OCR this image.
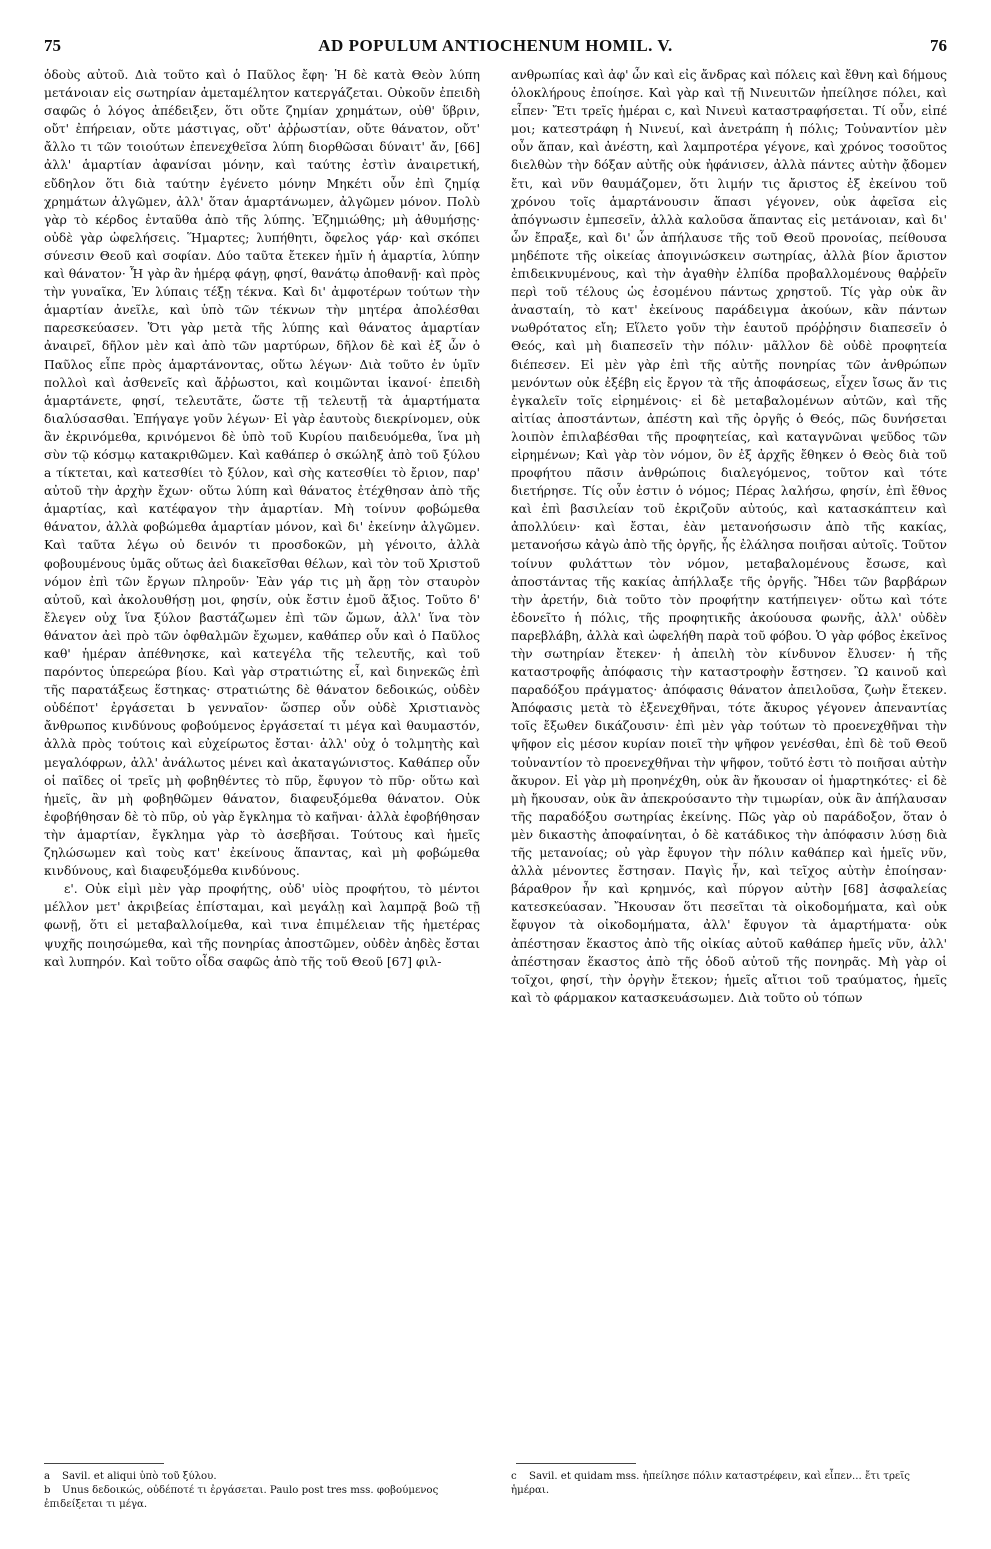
75	AD POPULUM ANTIOCHENUM HOMIL. V.	76

ὁδοὺς αὐτοῦ. Διὰ τοῦτο καὶ ὁ Παῦλος ἔφη· Ἡ δὲ κατὰ Θεὸν λύπη μετάνοιαν εἰς σωτηρίαν ἀμεταμέλητον κατεργάζεται. Οὐκοῦν ἐπειδὴ σαφῶς ὁ λόγος ἀπέδειξεν, ὅτι οὔτε ζημίαν χρημάτων, οὐθ' ὕβριν, οὔτ' ἐπήρειαν, οὔτε μάστιγας, οὔτ' ἀῤῥωστίαν, οὔτε θάνατον, οὔτ' ἄλλο τι τῶν τοιούτων ἐπενεχθεῖσα λύπη διορθῶσαι δύναιτ' ἄν, [66] ἀλλ' ἁμαρτίαν ἀφανίσαι μόνην, καὶ ταύτης ἐστὶν ἀναιρετική, εὔδηλον ὅτι διὰ ταύτην ἐγένετο μόνην Μηκέτι οὖν ἐπὶ ζημίᾳ χρημάτων ἀλγῶμεν, ἀλλ' ὅταν ἁμαρτάνωμεν, ἀλγῶμεν μόνον. Πολὺ γὰρ τὸ κέρδος ἐνταῦθα ἀπὸ τῆς λύπης. Ἐζημιώθης; μὴ ἀθυμήσῃς· οὐδὲ γὰρ ὠφελήσεις. Ἥμαρτες; λυπήθητι, ὄφελος γάρ· καὶ σκόπει σύνεσιν Θεοῦ καὶ σοφίαν. Δύο ταῦτα ἔτεκεν ἡμῖν ἡ ἁμαρτία, λύπην καὶ θάνατον· Ἧ γὰρ ἂν ἡμέρᾳ φάγῃ, φησί, θανάτῳ ἀποθανῇ· καὶ πρὸς τὴν γυναῖκα, Ἐν λύπαις τέξῃ τέκνα. Καὶ δι' ἀμφοτέρων τούτων τὴν ἁμαρτίαν ἀνεῖλε, καὶ ὑπὸ τῶν τέκνων τὴν μητέρα ἀπολέσθαι παρεσκεύασεν. Ὅτι γὰρ μετὰ τῆς λύπης καὶ θάνατος ἁμαρτίαν ἀναιρεῖ, δῆλον μὲν καὶ ἀπὸ τῶν μαρτύρων, δῆλον δὲ καὶ ἐξ ὧν ὁ Παῦλος εἶπε πρὸς ἁμαρτάνοντας, οὕτω λέγων· Διὰ τοῦτο ἐν ὑμῖν πολλοὶ καὶ ἀσθενεῖς καὶ ἄῤῥωστοι, καὶ κοιμῶνται ἱκανοί· ἐπειδὴ ἁμαρτάνετε, φησί, τελευτᾶτε, ὥστε τῇ τελευτῇ τὰ ἁμαρτήματα διαλύσασθαι. Ἐπήγαγε γοῦν λέγων· Εἰ γὰρ ἑαυτοὺς διεκρίνομεν, οὐκ ἂν ἐκρινόμεθα, κρινόμενοι δὲ ὑπὸ τοῦ Κυρίου παιδευόμεθα, ἵνα μὴ σὺν τῷ κόσμῳ κατακριθῶμεν. Καὶ καθάπερ ὁ σκώληξ ἀπὸ τοῦ ξύλου a τίκτεται, καὶ κατεσθίει τὸ ξύλον, καὶ σὴς κατεσθίει τὸ ἔριον, παρ' αὐτοῦ τὴν ἀρχὴν ἔχων· οὕτω λύπη καὶ θάνατος ἐτέχθησαν ἀπὸ τῆς ἁμαρτίας, καὶ κατέφαγον τὴν ἁμαρτίαν. Μὴ τοίνυν φοβώμεθα θάνατον, ἀλλὰ φοβώμεθα ἁμαρτίαν μόνον, καὶ δι' ἐκείνην ἀλγῶμεν. Καὶ ταῦτα λέγω οὐ δεινόν τι προσδοκῶν, μὴ γένοιτο, ἀλλὰ φοβουμένους ὑμᾶς οὕτως ἀεὶ διακεῖσθαι θέλων, καὶ τὸν τοῦ Χριστοῦ νόμον ἐπὶ τῶν ἔργων πληροῦν· Ἐὰν γάρ τις μὴ ἄρῃ τὸν σταυρὸν αὐτοῦ, καὶ ἀκολουθήσῃ μοι, φησίν, οὐκ ἔστιν ἐμοῦ ἄξιος. Τοῦτο δ' ἔλεγεν οὐχ ἵνα ξύλον βαστάζωμεν ἐπὶ τῶν ὤμων, ἀλλ' ἵνα τὸν θάνατον ἀεὶ πρὸ τῶν ὀφθαλμῶν ἔχωμεν, καθάπερ οὖν καὶ ὁ Παῦλος καθ' ἡμέραν ἀπέθνησκε, καὶ κατεγέλα τῆς τελευτῆς, καὶ τοῦ παρόντος ὑπερεώρα βίου. Καὶ γὰρ στρατιώτης εἶ, καὶ διηνεκῶς ἐπὶ τῆς παρατάξεως ἕστηκας· στρατιώτης δὲ θάνατον δεδοικώς, οὐδὲν οὐδέποτ' ἐργάσεται b γενναῖον· ὥσπερ οὖν οὐδὲ Χριστιανὸς ἄνθρωπος κινδύνους φοβούμενος ἐργάσεταί τι μέγα καὶ θαυμαστόν, ἀλλὰ πρὸς τούτοις καὶ εὐχείρωτος ἔσται· ἀλλ' οὐχ ὁ τολμητὴς καὶ μεγαλόφρων, ἀλλ' ἀνάλωτος μένει καὶ ἀκαταγώνιστος. Καθάπερ οὖν οἱ παῖδες οἱ τρεῖς μὴ φοβηθέντες τὸ πῦρ, ἔφυγον τὸ πῦρ· οὕτω καὶ ἡμεῖς, ἂν μὴ φοβηθῶμεν θάνατον, διαφευξόμεθα θάνατον. Οὐκ ἐφοβήθησαν δὲ τὸ πῦρ, οὐ γὰρ ἔγκλημα τὸ καῆναι· ἀλλὰ ἐφοβήθησαν τὴν ἁμαρτίαν, ἔγκλημα γὰρ τὸ ἀσεβῆσαι. Τούτους καὶ ἡμεῖς ζηλώσωμεν καὶ τοὺς κατ' ἐκείνους ἅπαντας, καὶ μὴ φοβώμεθα κινδύνους, καὶ διαφευξόμεθα κινδύνους.

ε'. Οὐκ εἰμὶ μὲν γὰρ προφήτης, οὐδ' υἱὸς προφήτου, τὸ μέντοι μέλλον μετ' ἀκριβείας ἐπίσταμαι, καὶ μεγάλῃ καὶ λαμπρᾷ βοῶ τῇ φωνῇ, ὅτι εἰ μεταβαλλοίμεθα, καὶ τινα ἐπιμέλειαν τῆς ἡμετέρας ψυχῆς ποιησώμεθα, καὶ τῆς πονηρίας ἀποστῶμεν, οὐδὲν ἀηδὲς ἔσται καὶ λυπηρόν. Καὶ τοῦτο οἶδα σαφῶς ἀπὸ τῆς τοῦ Θεοῦ [67] φιλ-

ανθρωπίας καὶ ἀφ' ὧν καὶ εἰς ἄνδρας καὶ πόλεις καὶ ἔθνη καὶ δήμους ὁλοκλήρους ἐποίησε. Καὶ γὰρ καὶ τῇ Νινευιτῶν ἠπείλησε πόλει, καὶ εἶπεν· Ἔτι τρεῖς ἡμέραι c, καὶ Νινευὶ καταστραφήσεται. Τί οὖν, εἰπέ μοι; κατεστράφη ἡ Νινευί, καὶ ἀνετράπη ἡ πόλις; Τοὐναντίον μὲν οὖν ἅπαν, καὶ ἀνέστη, καὶ λαμπροτέρα γέγονε, καὶ χρόνος τοσοῦτος διελθὼν τὴν δόξαν αὐτῆς οὐκ ἠφάνισεν, ἀλλὰ πάντες αὐτὴν ᾄδομεν ἔτι, καὶ νῦν θαυμάζομεν, ὅτι λιμήν τις ἄριστος ἐξ ἐκείνου τοῦ χρόνου τοῖς ἁμαρτάνουσιν ἅπασι γέγονεν, οὐκ ἀφεῖσα εἰς ἀπόγνωσιν ἐμπεσεῖν, ἀλλὰ καλοῦσα ἅπαντας εἰς μετάνοιαν, καὶ δι' ὧν ἔπραξε, καὶ δι' ὧν ἀπήλαυσε τῆς τοῦ Θεοῦ προνοίας, πείθουσα μηδέποτε τῆς οἰκείας ἀπογινώσκειν σωτηρίας, ἀλλὰ βίον ἄριστον ἐπιδεικνυμένους, καὶ τὴν ἀγαθὴν ἐλπίδα προβαλλομένους θαῤῥεῖν περὶ τοῦ τέλους ὡς ἐσομένου πάντως χρηστοῦ. Τίς γὰρ οὐκ ἂν ἀνασταίη, τὸ κατ' ἐκείνους παράδειγμα ἀκούων, κἂν πάντων νωθρότατος εἴη; Εἵλετο γοῦν τὴν ἑαυτοῦ πρόῤῥησιν διαπεσεῖν ὁ Θεός, καὶ μὴ διαπεσεῖν τὴν πόλιν· μᾶλλον δὲ οὐδὲ προφητεία διέπεσεν. Εἰ μὲν γὰρ ἐπὶ τῆς αὐτῆς πονηρίας τῶν ἀνθρώπων μενόντων οὐκ ἐξέβη εἰς ἔργον τὰ τῆς ἀποφάσεως, εἶχεν ἴσως ἄν τις ἐγκαλεῖν τοῖς εἰρημένοις· εἰ δὲ μεταβαλομένων αὐτῶν, καὶ τῆς αἰτίας ἀποστάντων, ἀπέστη καὶ τῆς ὀργῆς ὁ Θεός, πῶς δυνήσεται λοιπὸν ἐπιλαβέσθαι τῆς προφητείας, καὶ καταγνῶναι ψεῦδος τῶν εἰρημένων; Καὶ γὰρ τὸν νόμον, ὃν ἐξ ἀρχῆς ἔθηκεν ὁ Θεὸς διὰ τοῦ προφήτου πᾶσιν ἀνθρώποις διαλεγόμενος, τοῦτον καὶ τότε διετήρησε. Τίς οὖν ἐστιν ὁ νόμος; Πέρας λαλήσω, φησίν, ἐπὶ ἔθνος καὶ ἐπὶ βασιλείαν τοῦ ἐκριζοῦν αὐτούς, καὶ κατασκάπτειν καὶ ἀπολλύειν· καὶ ἔσται, ἐὰν μετανοήσωσιν ἀπὸ τῆς κακίας, μετανοήσω κἀγὼ ἀπὸ τῆς ὀργῆς, ἧς ἐλάλησα ποιῆσαι αὐτοῖς. Τοῦτον τοίνυν φυλάττων τὸν νόμον, μεταβαλομένους ἔσωσε, καὶ ἀποστάντας τῆς κακίας ἀπήλλαξε τῆς ὀργῆς. Ἤδει τῶν βαρβάρων τὴν ἀρετήν, διὰ τοῦτο τὸν προφήτην κατήπειγεν· οὕτω καὶ τότε ἐδονεῖτο ἡ πόλις, τῆς προφητικῆς ἀκούουσα φωνῆς, ἀλλ' οὐδὲν παρεβλάβη, ἀλλὰ καὶ ὠφελήθη παρὰ τοῦ φόβου. Ὁ γὰρ φόβος ἐκεῖνος τὴν σωτηρίαν ἔτεκεν· ἡ ἀπειλὴ τὸν κίνδυνον ἔλυσεν· ἡ τῆς καταστροφῆς ἀπόφασις τὴν καταστροφὴν ἔστησεν. Ὢ καινοῦ καὶ παραδόξου πράγματος· ἀπόφασις θάνατον ἀπειλοῦσα, ζωὴν ἔτεκεν. Ἀπόφασις μετὰ τὸ ἐξενεχθῆναι, τότε ἄκυρος γέγονεν ἀπεναντίας τοῖς ἔξωθεν δικάζουσιν· ἐπὶ μὲν γὰρ τούτων τὸ προενεχθῆναι τὴν ψῆφον εἰς μέσον κυρίαν ποιεῖ τὴν ψῆφον γενέσθαι, ἐπὶ δὲ τοῦ Θεοῦ τοὐναντίον τὸ προενεχθῆναι τὴν ψῆφον, τοῦτό ἐστι τὸ ποιῆσαι αὐτὴν ἄκυρον. Εἰ γὰρ μὴ προηνέχθη, οὐκ ἂν ἤκουσαν οἱ ἡμαρτηκότες· εἰ δὲ μὴ ἤκουσαν, οὐκ ἂν ἀπεκρούσαντο τὴν τιμωρίαν, οὐκ ἂν ἀπήλαυσαν τῆς παραδόξου σωτηρίας ἐκείνης. Πῶς γὰρ οὐ παράδοξον, ὅταν ὁ μὲν δικαστὴς ἀποφαίνηται, ὁ δὲ κατάδικος τὴν ἀπόφασιν λύσῃ διὰ τῆς μετανοίας; οὐ γὰρ ἔφυγον τὴν πόλιν καθάπερ καὶ ἡμεῖς νῦν, ἀλλὰ μένοντες ἔστησαν. Παγὶς ἦν, καὶ τεῖχος αὐτὴν ἐποίησαν· βάραθρον ἦν καὶ κρημνός, καὶ πύργον αὐτὴν [68] ἀσφαλείας κατεσκεύασαν. Ἤκουσαν ὅτι πεσεῖται τὰ οἰκοδομήματα, καὶ οὐκ ἔφυγον τὰ οἰκοδομήματα, ἀλλ' ἔφυγον τὰ ἁμαρτήματα· οὐκ ἀπέστησαν ἕκαστος ἀπὸ τῆς οἰκίας αὐτοῦ καθάπερ ἡμεῖς νῦν, ἀλλ' ἀπέστησαν ἕκαστος ἀπὸ τῆς ὁδοῦ αὐτοῦ τῆς πονηρᾶς. Μὴ γὰρ οἱ τοῖχοι, φησί, τὴν ὀργὴν ἔτεκον; ἡμεῖς αἴτιοι τοῦ τραύματος, ἡμεῖς καὶ τὸ φάρμακον κατασκευάσωμεν. Διὰ τοῦτο οὐ τόπων

a Savil. et aliqui ὑπὸ τοῦ ξύλου.

b Unus δεδοικώς, οὐδέποτέ τι ἐργάσεται. Paulo post tres mss. φοβούμενος ἐπιδείξεται τι μέγα.

c Savil. et quidam mss. ἠπείλησε πόλιν καταστρέφειν, καὶ εἶπεν... ἔτι τρεῖς ἡμέραι.
